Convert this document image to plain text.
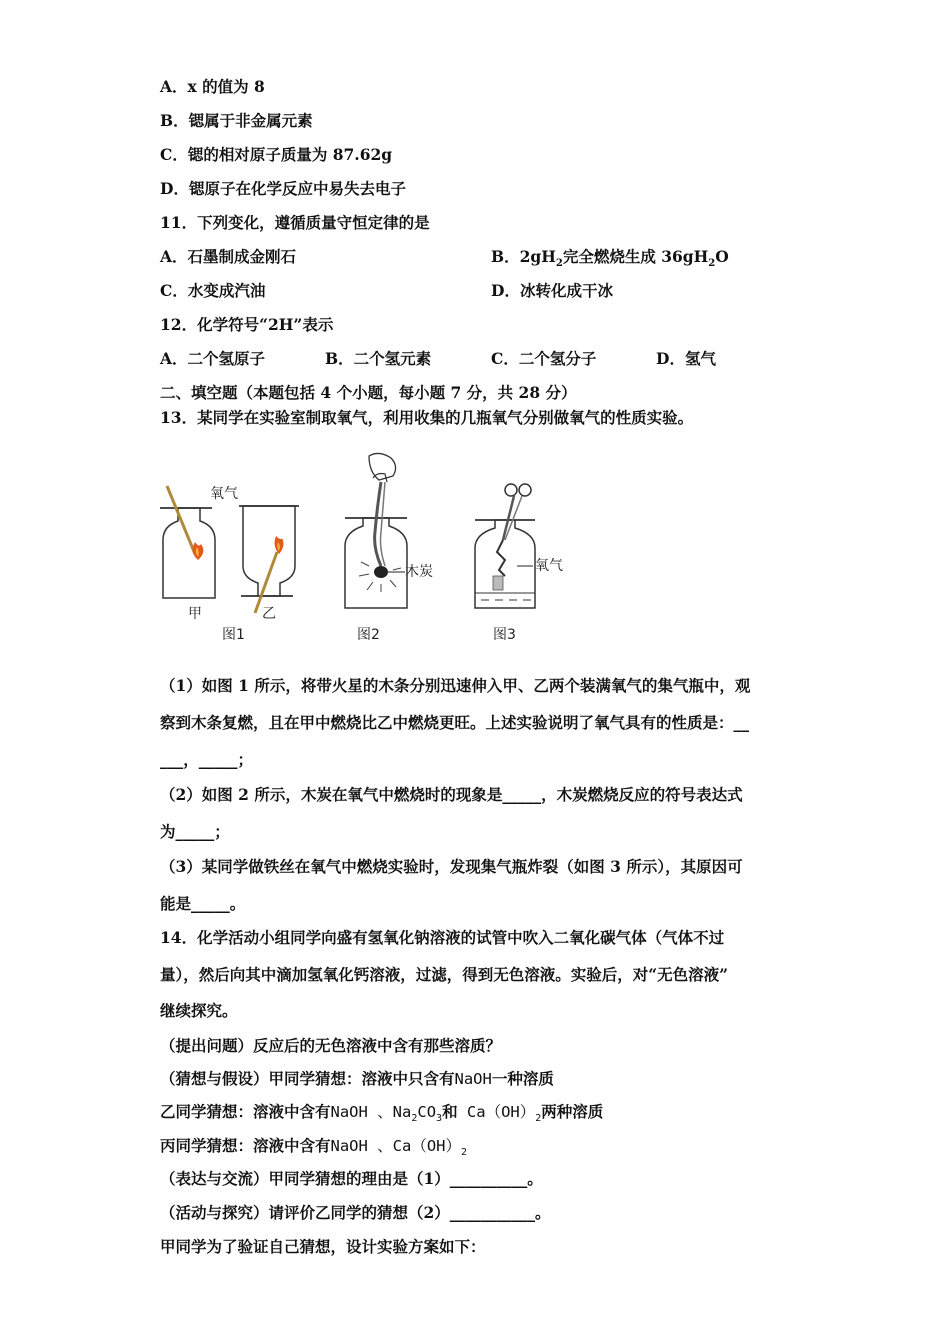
A．x 的值为 8
B．锶属于非金属元素
C．锶的相对原子质量为 87.62g
D．锶原子在化学反应中易失去电子
11．下列变化，遵循质量守恒定律的是
A．石墨制成金刚石	B．$2gH_2$完全燃烧生成 $36gH_2O$
C．水变成汽油	D．冰转化成干冰
12．化学符号“2H”表示
A．二个氢原子	B．二个氢元素	C．二个氢分子	D．氢气
二、填空题（本题包括 4 个小题，每小题 7 分，共 28 分）
13．某同学在实验室制取氧气，利用收集的几瓶氧气分别做氧气的性质实验。
氧气
甲	乙
图1
木炭
图2
氧气
图3
（1）如图 1 所示，将带火星的木条分别迅速伸入甲、乙两个装满氧气的集气瓶中，观
察到木条复燃，且在甲中燃烧比乙中燃烧更旺。上述实验说明了氧气具有的性质是：__
___，_____；
（2）如图 2 所示，木炭在氧气中燃烧时的现象是_____，木炭燃烧反应的符号表达式
为_____；
（3）某同学做铁丝在氧气中燃烧实验时，发现集气瓶炸裂（如图 3 所示），其原因可
能是_____。
14．化学活动小组同学向盛有氢氧化钠溶液的试管中吹入二氧化碳气体（气体不过
量），然后向其中滴加氢氧化钙溶液，过滤，得到无色溶液。实验后，对“无色溶液”
继续探究。
（提出问题）反应后的无色溶液中含有那些溶质？
（猜想与假设）甲同学猜想：溶液中只含有NaOH一种溶质
乙同学猜想：溶液中含有NaOH 、$Na_2CO_3$和 $Ca(OH)_2$两种溶质
丙同学猜想：溶液中含有NaOH 、$Ca(OH)_2$
（表达与交流）甲同学猜想的理由是（1）__________。
（活动与探究）请评价乙同学的猜想（2）___________。
甲同学为了验证自己猜想，设计实验方案如下：
